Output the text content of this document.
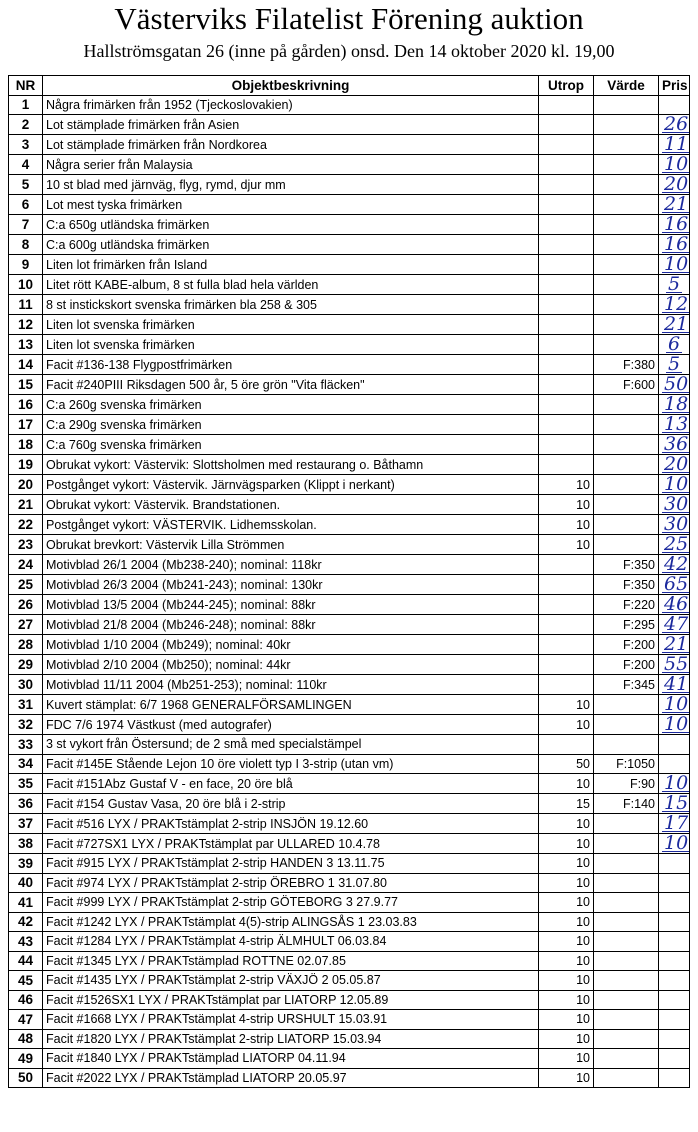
Västerviks Filatelist Förening auktion
Hallströmsgatan 26 (inne på gården) onsd. Den 14 oktober 2020 kl. 19,00
NR	Objektbeskrivning	Utrop	Värde	Pris
1	Några frimärken från 1952 (Tjeckoslovakien)			
2	Lot stämplade frimärken från Asien			26
3	Lot stämplade frimärken från Nordkorea			11
4	Några serier från Malaysia			10
5	10 st blad med järnväg, flyg, rymd, djur mm			20
6	Lot mest tyska frimärken			21
7	C:a 650g utländska frimärken			16
8	C:a 600g utländska frimärken			16
9	Liten lot frimärken från Island			10
10	Litet rött KABE-album, 8 st fulla blad hela världen			5
11	8 st instickskort svenska frimärken bla 258 & 305			12
12	Liten lot svenska frimärken			21
13	Liten lot svenska frimärken			6
14	Facit #136-138 Flygpostfrimärken		F:380	5
15	Facit #240PIII Riksdagen 500 år, 5 öre grön "Vita fläcken"		F:600	50
16	C:a 260g svenska frimärken			18
17	C:a 290g svenska frimärken			13
18	C:a 760g svenska frimärken			36
19	Obrukat vykort: Västervik: Slottsholmen med restaurang o. Båthamn			20
20	Postgånget vykort: Västervik. Järnvägsparken (Klippt i nerkant)	10		10
21	Obrukat vykort: Västervik. Brandstationen.	10		30
22	Postgånget vykort: VÄSTERVIK. Lidhemsskolan.	10		30
23	Obrukat brevkort: Västervik Lilla Strömmen	10		25
24	Motivblad 26/1 2004 (Mb238-240); nominal: 118kr		F:350	42
25	Motivblad 26/3 2004 (Mb241-243); nominal: 130kr		F:350	65
26	Motivblad 13/5 2004 (Mb244-245); nominal: 88kr		F:220	46
27	Motivblad 21/8 2004 (Mb246-248); nominal: 88kr		F:295	47
28	Motivblad 1/10 2004 (Mb249); nominal: 40kr		F:200	21
29	Motivblad 2/10 2004 (Mb250); nominal: 44kr		F:200	55
30	Motivblad 11/11 2004 (Mb251-253); nominal: 110kr		F:345	41
31	Kuvert stämplat: 6/7 1968 GENERALFÖRSAMLINGEN	10		10
32	FDC 7/6 1974 Västkust (med autografer)	10		10
33	3 st vykort från Östersund; de 2 små med specialstämpel			
34	Facit #145E Stående Lejon 10 öre violett typ I 3-strip (utan vm)	50	F:1050	
35	Facit #151Abz Gustaf V - en face, 20 öre blå	10	F:90	10
36	Facit #154 Gustav Vasa, 20 öre blå i 2-strip	15	F:140	15
37	Facit #516 LYX / PRAKTstämplat 2-strip INSJÖN 19.12.60	10		17
38	Facit #727SX1 LYX / PRAKTstämplat par ULLARED 10.4.78	10		10
39	Facit #915 LYX / PRAKTstämplat 2-strip HANDEN 3 13.11.75	10		
40	Facit #974 LYX / PRAKTstämplat 2-strip ÖREBRO 1 31.07.80	10		
41	Facit #999 LYX / PRAKTstämplat 2-strip GÖTEBORG 3 27.9.77	10		
42	Facit #1242 LYX / PRAKTstämplat 4(5)-strip ALINGSÅS 1 23.03.83	10		
43	Facit #1284 LYX / PRAKTstämplat 4-strip ÄLMHULT 06.03.84	10		
44	Facit #1345 LYX / PRAKTstämplad ROTTNE 02.07.85	10		
45	Facit #1435 LYX / PRAKTstämplat 2-strip VÄXJÖ 2 05.05.87	10		
46	Facit #1526SX1 LYX / PRAKTstämplat par LIATORP 12.05.89	10		
47	Facit #1668 LYX / PRAKTstämplat 4-strip URSHULT 15.03.91	10		
48	Facit #1820 LYX / PRAKTstämplat 2-strip LIATORP 15.03.94	10		
49	Facit #1840 LYX / PRAKTstämplad LIATORP 04.11.94	10		
50	Facit #2022 LYX / PRAKTstämplad LIATORP 20.05.97	10		
